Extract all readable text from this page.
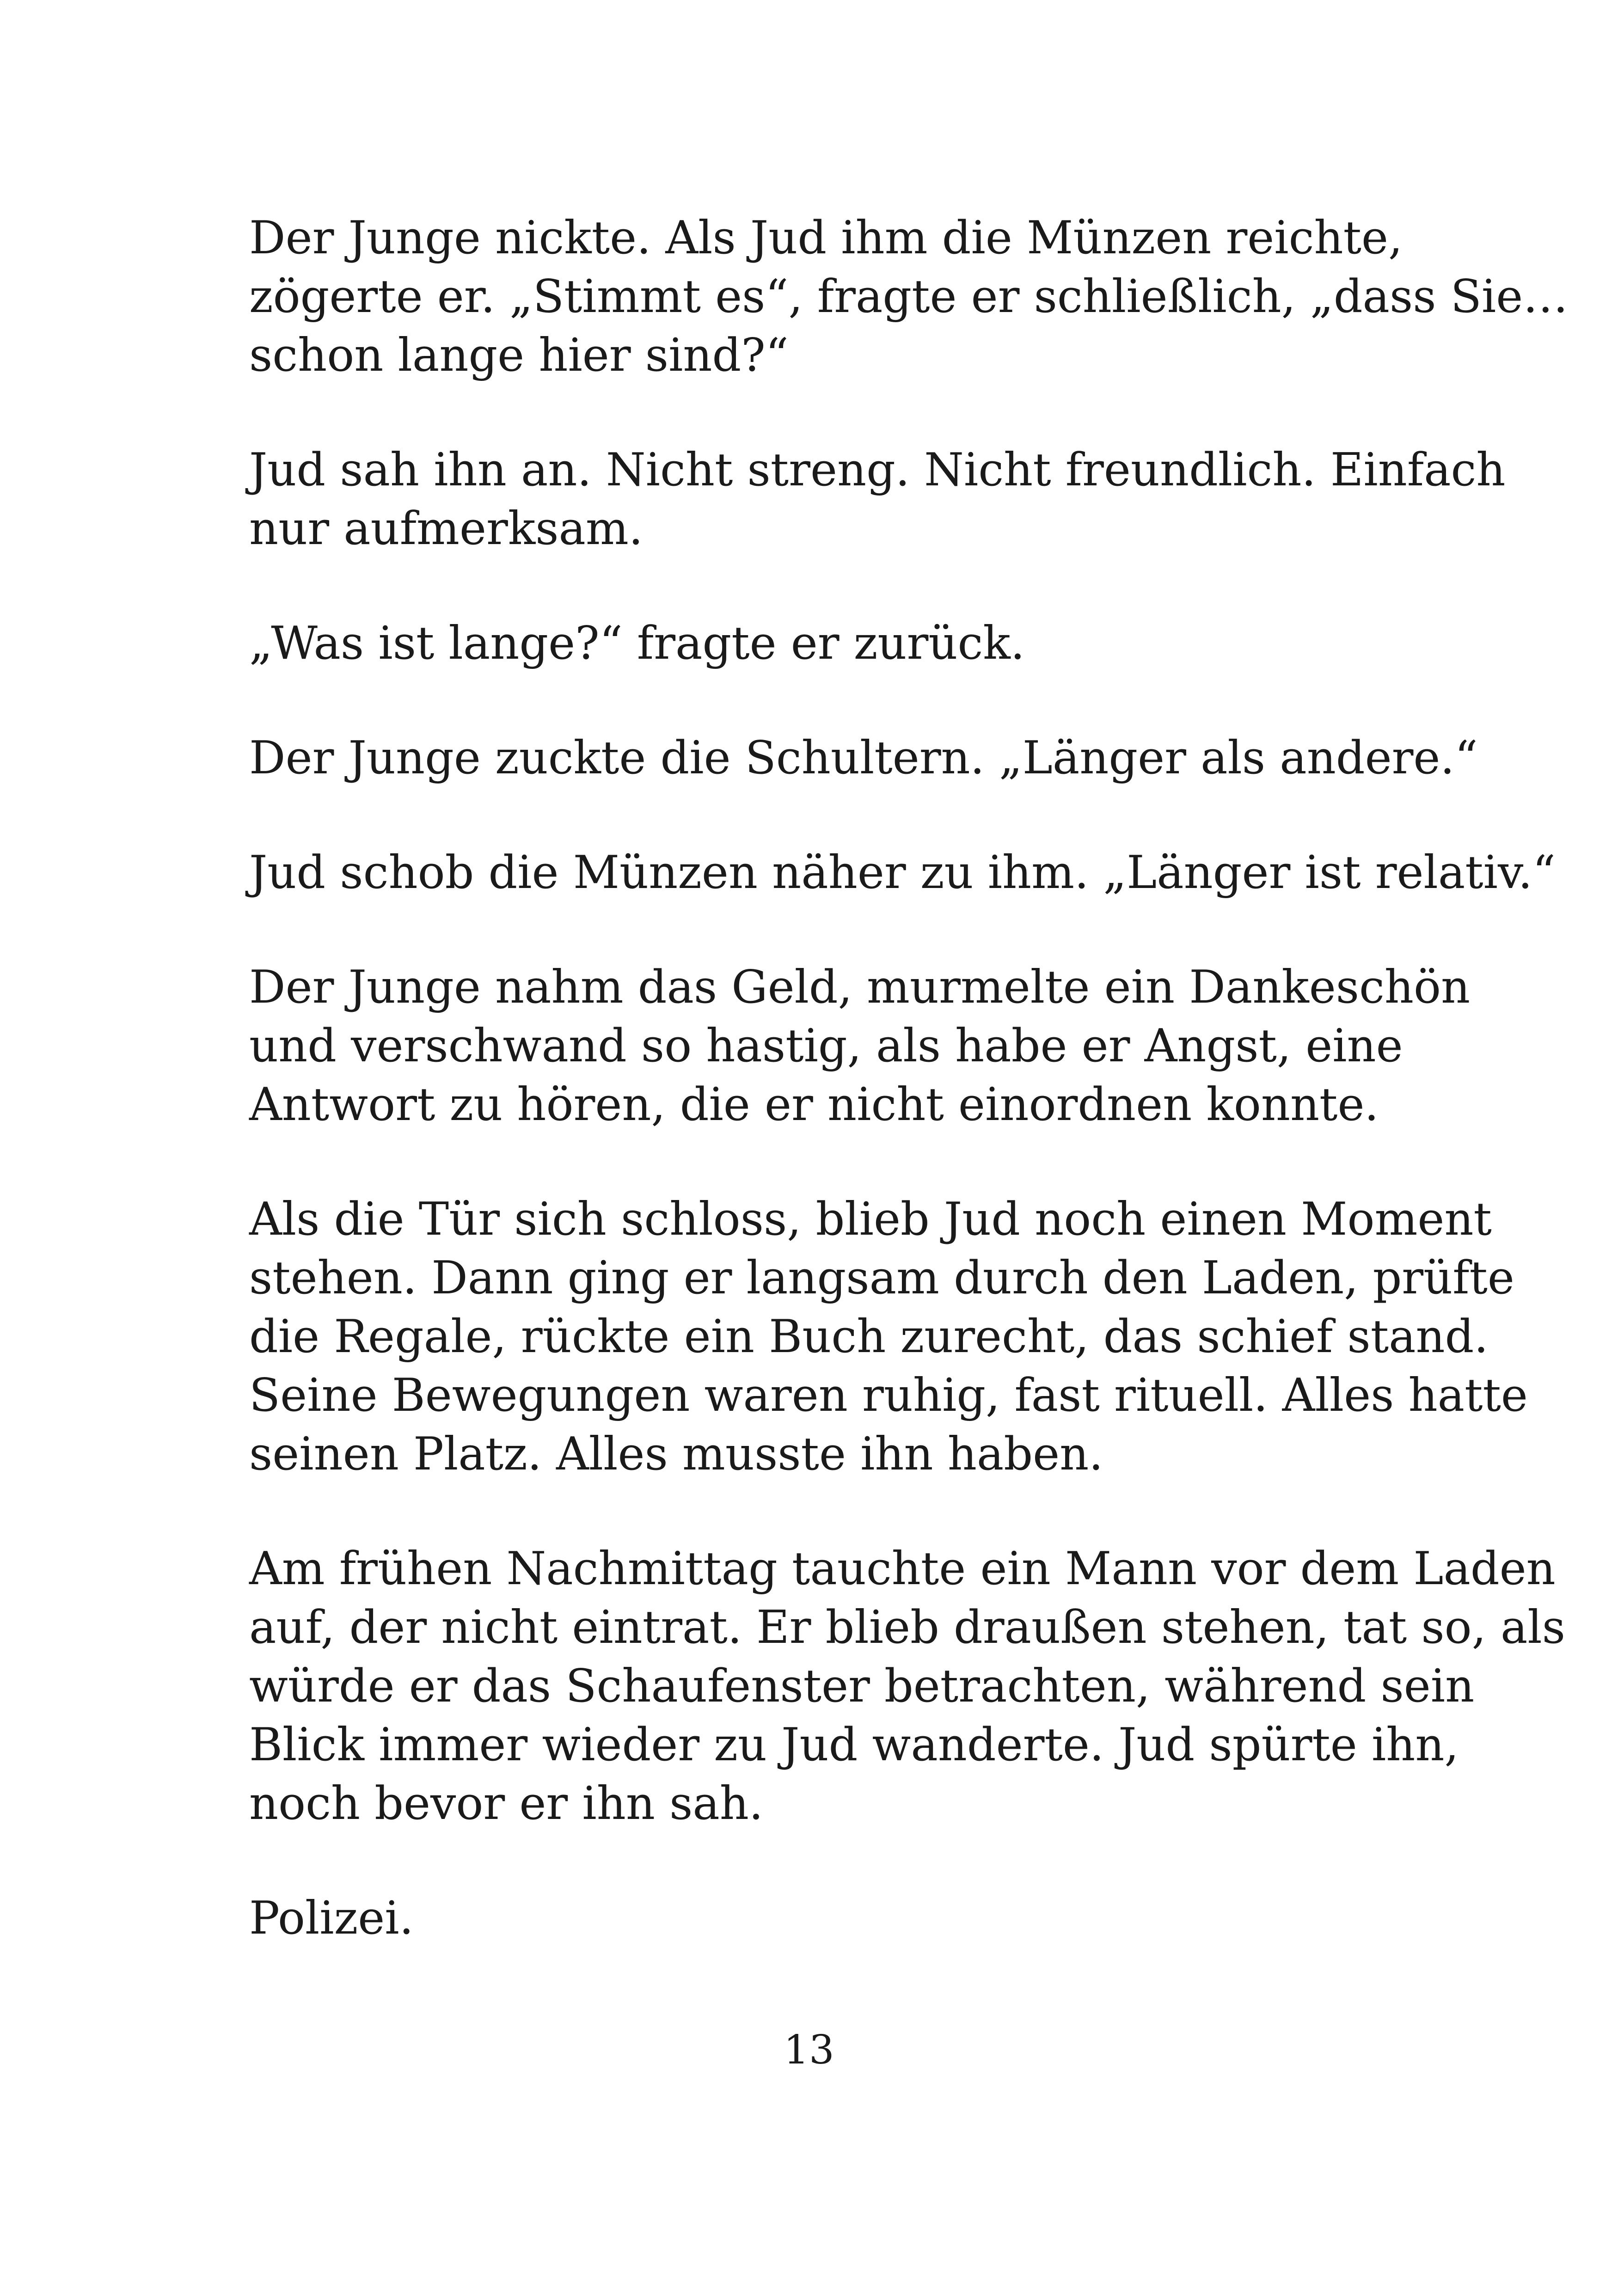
Der Junge nickte. Als Jud ihm die Münzen reichte,
zögerte er. „Stimmt es“, fragte er schließlich, „dass Sie…
schon lange hier sind?“

Jud sah ihn an. Nicht streng. Nicht freundlich. Einfach
nur aufmerksam.

„Was ist lange?“ fragte er zurück.

Der Junge zuckte die Schultern. „Länger als andere.“

Jud schob die Münzen näher zu ihm. „Länger ist relativ.“

Der Junge nahm das Geld, murmelte ein Dankeschön
und verschwand so hastig, als habe er Angst, eine
Antwort zu hören, die er nicht einordnen konnte.

Als die Tür sich schloss, blieb Jud noch einen Moment
stehen. Dann ging er langsam durch den Laden, prüfte
die Regale, rückte ein Buch zurecht, das schief stand.
Seine Bewegungen waren ruhig, fast rituell. Alles hatte
seinen Platz. Alles musste ihn haben.

Am frühen Nachmittag tauchte ein Mann vor dem Laden
auf, der nicht eintrat. Er blieb draußen stehen, tat so, als
würde er das Schaufenster betrachten, während sein
Blick immer wieder zu Jud wanderte. Jud spürte ihn,
noch bevor er ihn sah.

Polizei.

13
